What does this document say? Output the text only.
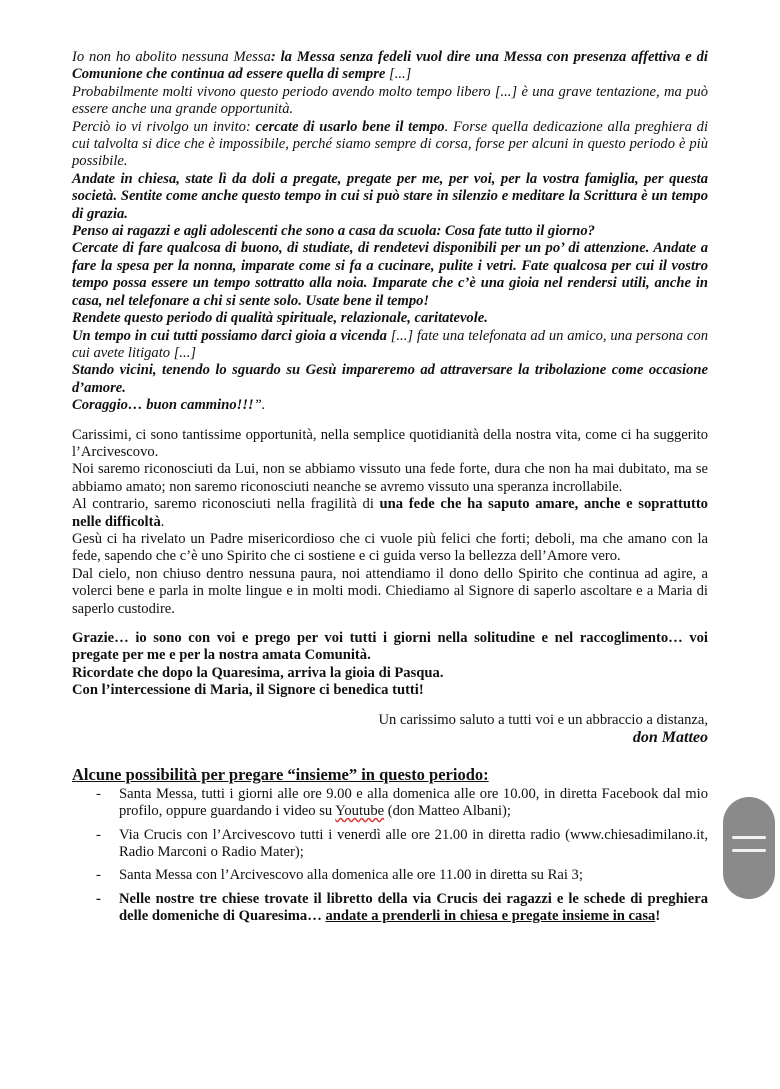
Io non ho abolito nessuna Messa: la Messa senza fedeli vuol dire una Messa con presenza affettiva e di Comunione che continua ad essere quella di sempre [...]

Probabilmente molti vivono questo periodo avendo molto tempo libero [...] è una grave tentazione, ma può essere anche una grande opportunità.

Perciò io vi rivolgo un invito: cercate di usarlo bene il tempo. Forse quella dedicazione alla preghiera di cui talvolta si dice che è impossibile, perché siamo sempre di corsa, forse per alcuni in questo periodo è più possibile.

Andate in chiesa, state lì da doli a pregate, pregate per me, per voi, per la vostra famiglia, per questa società. Sentite come anche questo tempo in cui si può stare in silenzio e meditare la Scrittura è un tempo di grazia.

Penso ai ragazzi e agli adolescenti che sono a casa da scuola: Cosa fate tutto il giorno?

Cercate di fare qualcosa di buono, di studiate, di rendetevi disponibili per un po’ di attenzione. Andate a fare la spesa per la nonna, imparate come si fa a cucinare, pulite i vetri. Fate qualcosa per cui il vostro tempo possa essere un tempo sottratto alla noia. Imparate che c’è una gioia nel rendersi utili, anche in casa, nel telefonare a chi si sente solo. Usate bene il tempo!

Rendete questo periodo di qualità spirituale, relazionale, caritatevole.

Un tempo in cui tutti possiamo darci gioia a vicenda [...] fate una telefonata ad un amico, una persona con cui avete litigato [...]

Stando vicini, tenendo lo sguardo su Gesù impareremo ad attraversare la tribolazione come occasione d’amore.

Coraggio… buon cammino!!!”.

Carissimi, ci sono tantissime opportunità, nella semplice quotidianità della nostra vita, come ci ha suggerito l’Arcivescovo.

Noi saremo riconosciuti da Lui, non se abbiamo vissuto una fede forte, dura che non ha mai dubitato, ma se abbiamo amato; non saremo riconosciuti neanche se avremo vissuto una speranza incrollabile.

Al contrario, saremo riconosciuti nella fragilità di una fede che ha saputo amare, anche e soprattutto nelle difficoltà.

Gesù ci ha rivelato un Padre misericordioso che ci vuole più felici che forti; deboli, ma che amano con la fede, sapendo che c’è uno Spirito che ci sostiene e ci guida verso la bellezza dell’Amore vero.

Dal cielo, non chiuso dentro nessuna paura, noi attendiamo il dono dello Spirito che continua ad agire, a volerci bene e parla in molte lingue e in molti modi. Chiediamo al Signore di saperlo ascoltare e a Maria di saperlo custodire.

Grazie… io sono con voi e prego per voi tutti i giorni nella solitudine e nel raccoglimento… voi pregate per me e per la nostra amata Comunità.

Ricordate che dopo la Quaresima, arriva la gioia di Pasqua.

Con l’intercessione di Maria, il Signore ci benedica tutti!

Un carissimo saluto a tutti voi e un abbraccio a distanza,

don Matteo

Alcune possibilità per pregare “insieme” in questo periodo:

- Santa Messa, tutti i giorni alle ore 9.00 e alla domenica alle ore 10.00, in diretta Facebook dal mio profilo, oppure guardando i video su Youtube (don Matteo Albani);
- Via Crucis con l’Arcivescovo tutti i venerdì alle ore 21.00 in diretta radio (www.chiesadimilano.it, Radio Marconi o Radio Mater);
- Santa Messa con l’Arcivescovo alla domenica alle ore 11.00 in diretta su Rai 3;
- Nelle nostre tre chiese trovate il libretto della via Crucis dei ragazzi e le schede di preghiera delle domeniche di Quaresima… andate a prenderli in chiesa e pregate insieme in casa!
